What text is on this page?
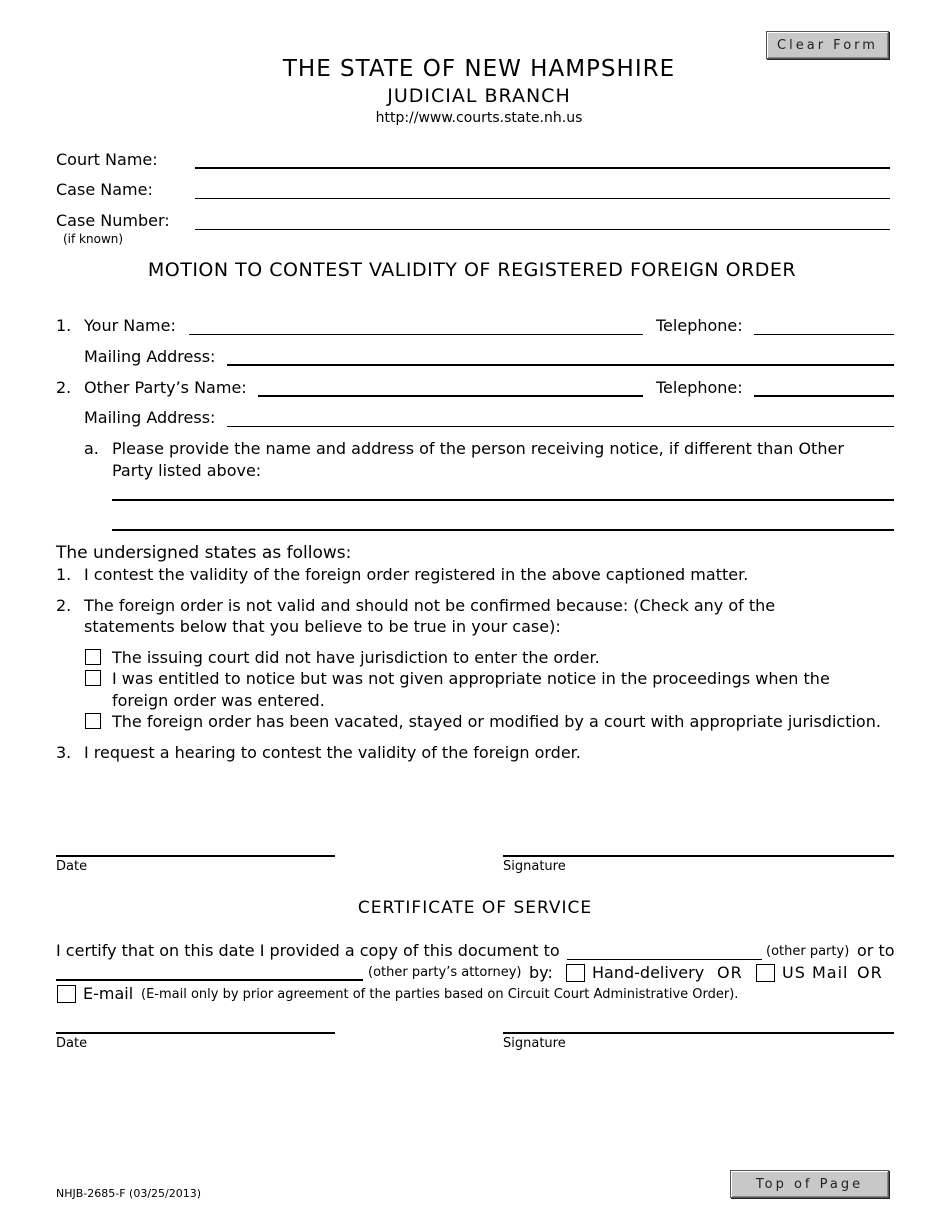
Clear Form
THE STATE OF NEW HAMPSHIRE
JUDICIAL BRANCH
http://www.courts.state.nh.us
Court Name:
Case Name:
Case Number:
(if known)
MOTION TO CONTEST VALIDITY OF REGISTERED FOREIGN ORDER
1. Your Name:	Telephone:
Mailing Address:
2. Other Party’s Name:	Telephone:
Mailing Address:
a. Please provide the name and address of the person receiving notice, if different than Other
Party listed above:
The undersigned states as follows:
1. I contest the validity of the foreign order registered in the above captioned matter.
2. The foreign order is not valid and should not be confirmed because: (Check any of the
statements below that you believe to be true in your case):
The issuing court did not have jurisdiction to enter the order.
I was entitled to notice but was not given appropriate notice in the proceedings when the
foreign order was entered.
The foreign order has been vacated, stayed or modified by a court with appropriate jurisdiction.
3. I request a hearing to contest the validity of the foreign order.
Date	Signature
CERTIFICATE OF SERVICE
I certify that on this date I provided a copy of this document to	(other party) or to
(other party’s attorney) by: Hand-delivery OR US Mail OR
E-mail (E-mail only by prior agreement of the parties based on Circuit Court Administrative Order).
Date	Signature
NHJB-2685-F (03/25/2013)
Top of Page
